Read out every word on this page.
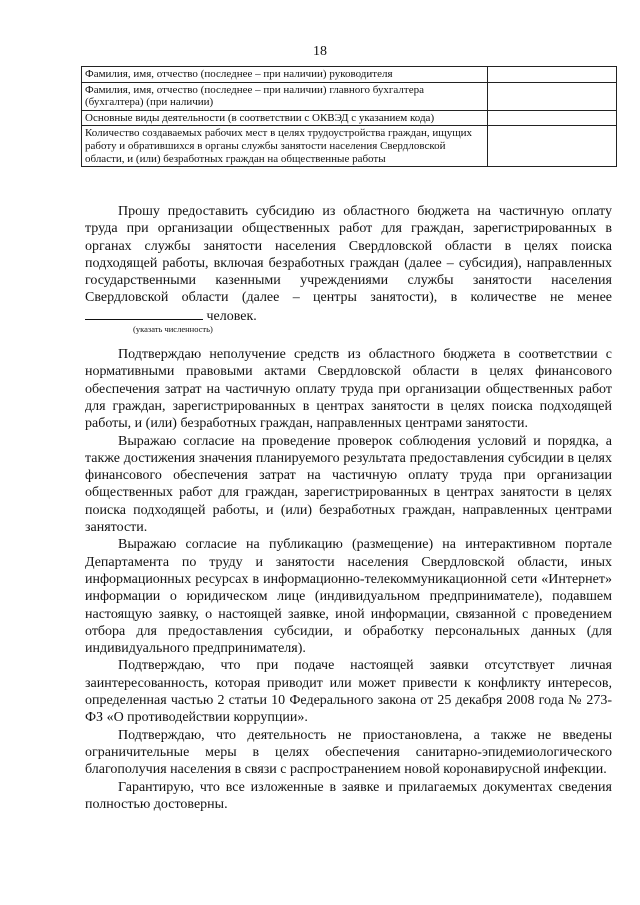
18
Фамилия, имя, отчество (последнее – при наличии) руководителя	
Фамилия, имя, отчество (последнее – при наличии) главного бухгалтера (бухгалтера) (при наличии)	
Основные виды деятельности (в соответствии с ОКВЭД с указанием кода)	
Количество создаваемых рабочих мест в целях трудоустройства граждан, ищущих работу и обратившихся в органы службы занятости населения Свердловской области, и (или) безработных граждан на общественные работы	

Прошу предоставить субсидию из областного бюджета на частичную оплату труда при организации общественных работ для граждан, зарегистрированных в органах службы занятости населения Свердловской области в целях поиска подходящей работы, включая безработных граждан (далее – субсидия), направленных государственными казенными учреждениями службы занятости населения Свердловской области (далее – центры занятости), в количестве не менее  человек.
(указать численность)

Подтверждаю неполучение средств из областного бюджета в соответствии с нормативными правовыми актами Свердловской области в целях финансового обеспечения затрат на частичную оплату труда при организации общественных работ для граждан, зарегистрированных в центрах занятости в целях поиска подходящей работы, и (или) безработных граждан, направленных центрами занятости.

Выражаю согласие на проведение проверок соблюдения условий и порядка, а также достижения значения планируемого результата предоставления субсидии в целях финансового обеспечения затрат на частичную оплату труда при организации общественных работ для граждан, зарегистрированных в центрах занятости в целях поиска подходящей работы, и (или) безработных граждан, направленных центрами занятости.

Выражаю согласие на публикацию (размещение) на интерактивном портале Департамента по труду и занятости населения Свердловской области, иных информационных ресурсах в информационно-телекоммуникационной сети «Интернет» информации о юридическом лице (индивидуальном предпринимателе), подавшем настоящую заявку, о настоящей заявке, иной информации, связанной с проведением отбора для предоставления субсидии, и обработку персональных данных (для индивидуального предпринимателя).

Подтверждаю, что при подаче настоящей заявки отсутствует личная заинтересованность, которая приводит или может привести к конфликту интересов, определенная частью 2 статьи 10 Федерального закона от 25 декабря 2008 года № 273-ФЗ «О противодействии коррупции».

Подтверждаю, что деятельность не приостановлена, а также не введены ограничительные меры в целях обеспечения санитарно-эпидемиологического благополучия населения в связи с распространением новой коронавирусной инфекции.

Гарантирую, что все изложенные в заявке и прилагаемых документах сведения полностью достоверны.
